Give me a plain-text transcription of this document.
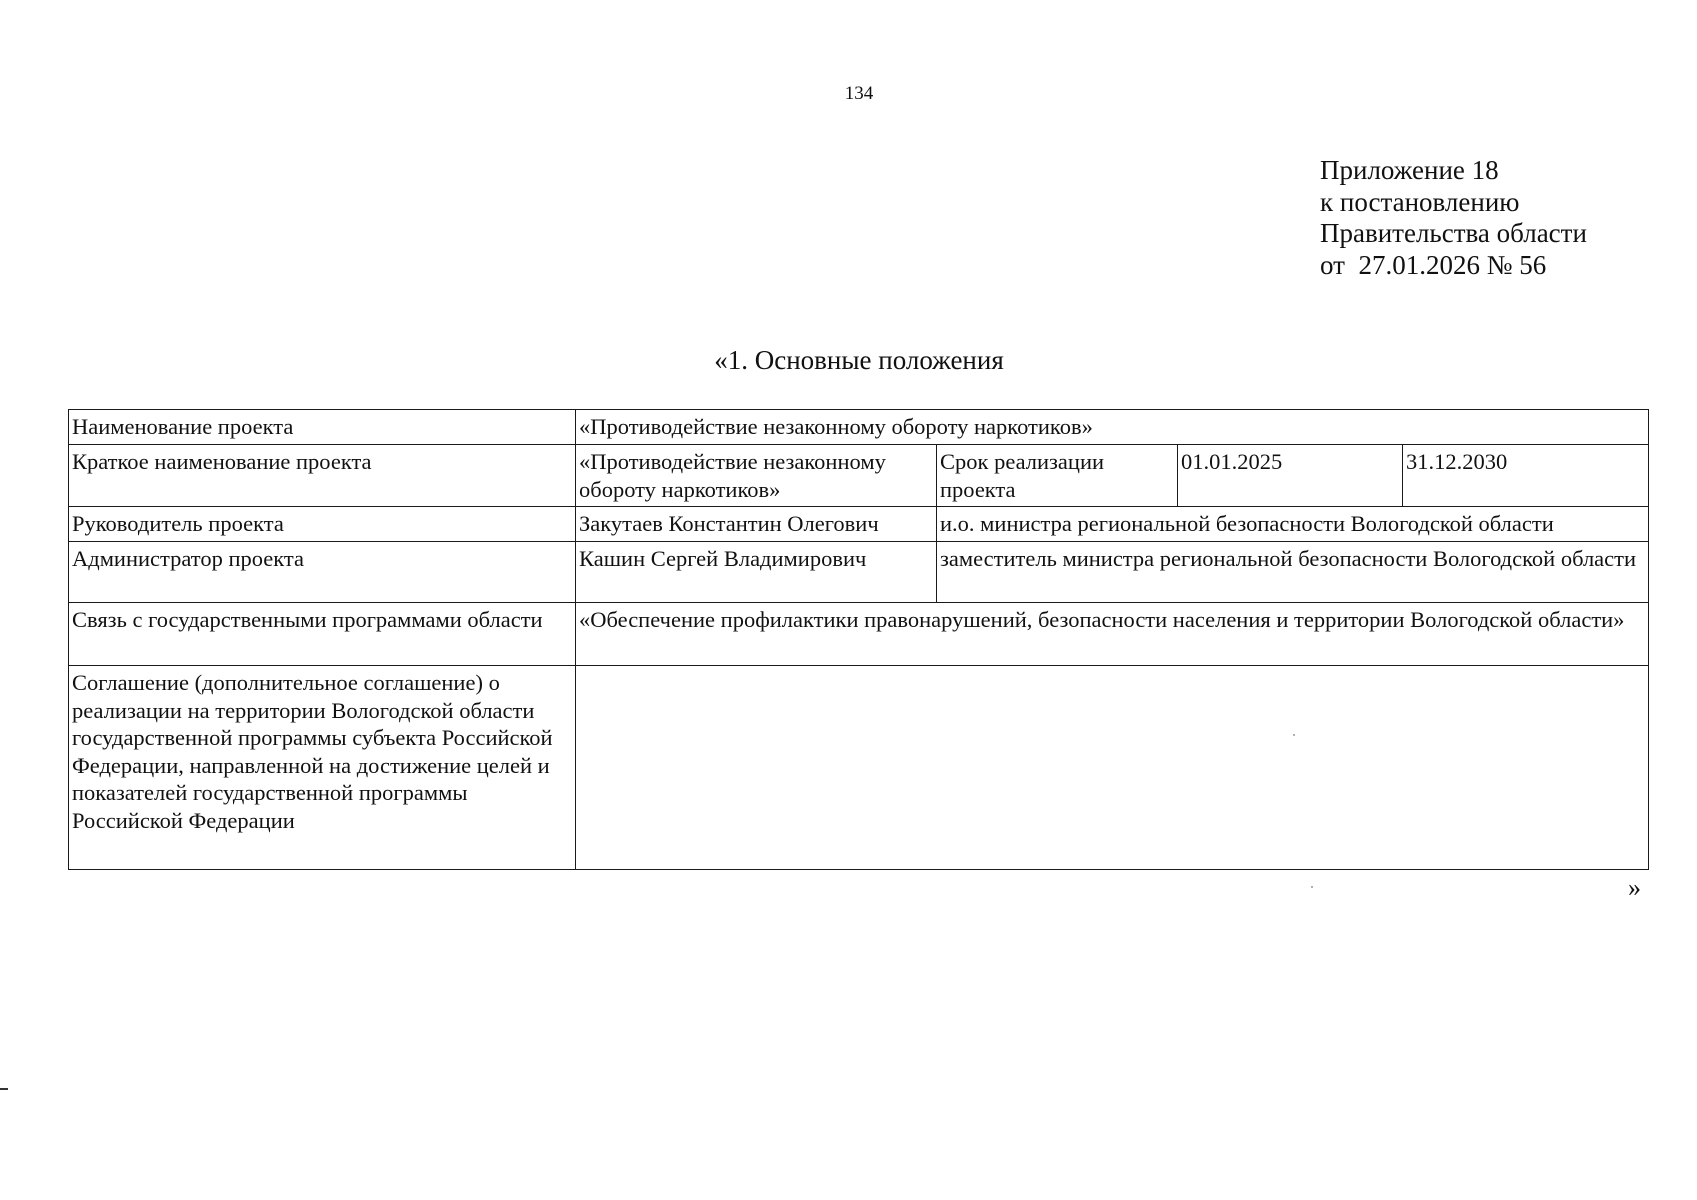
134
Приложение 18
к постановлению
Правительства области
от  27.01.2026 № 56
«1. Основные положения
Наименование проекта	«Противодействие незаконному обороту наркотиков»			
Краткое наименование проекта	«Противодействие незаконному обороту наркотиков»	Срок реализации проекта	01.01.2025	31.12.2030
Руководитель проекта	Закутаев Константин Олегович	и.о. министра региональной безопасности Вологодской области		
Администратор проекта	Кашин Сергей Владимирович	заместитель министра региональной безопасности Вологодской области		
Связь с государственными программами области	«Обеспечение профилактики правонарушений, безопасности населения и территории Вологодской области»			
Соглашение (дополнительное соглашение) о реализации на территории Вологодской области государственной программы субъекта Российской Федерации, направленной на достижение целей и показателей государственной программы Российской Федерации				
»
